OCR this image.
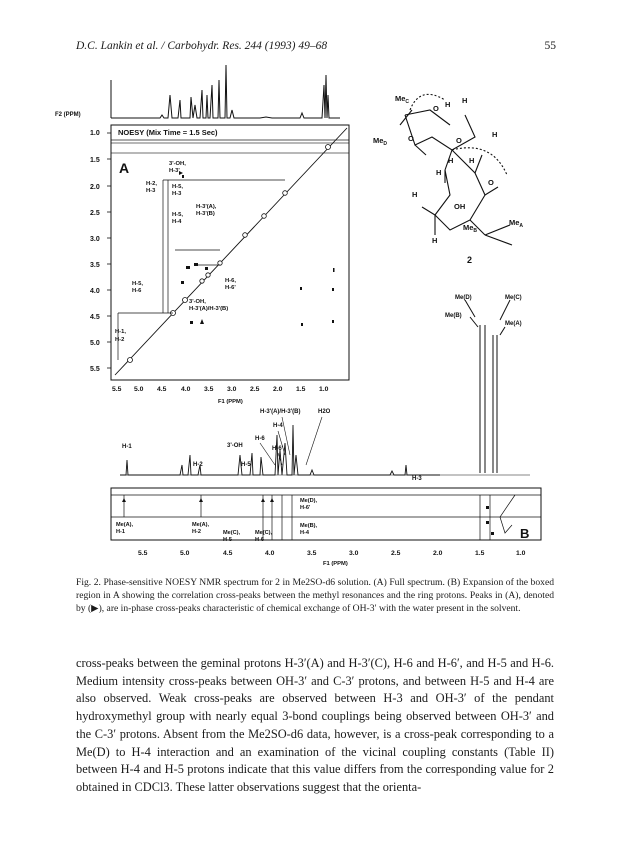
D.C. Lankin et al. / Carbohydr. Res. 244 (1993) 49–68	55
F2 (PPM)
NOESY (Mix Time = 1.5 Sec)
A
1.0
1.5
2.0
2.5
3.0
3.5
4.0
4.5
5.0
5.5
3'-OH,
H-3'
H-2,
H-3
H-5,
H-3
H-3'(A),
H-3'(B)
H-5,
H-4
H-5,
H-6
H-6,
H-6'
3'-OH,
H-3'(A)/H-3'(B)
H-1,
H-2
5.5 5.0 4.5 4.0 3.5 3.0 2.5 2.0 1.5 1.0
F1 (PPM)
$Me_C$
O H H
$Me_D$
O	O
H
H H
H
H
OH
O
$Me_B$
$Me_A$
H
2
Me(D)	Me(C)
Me(B)
Me(A)
H-3'(A)/H-3'(B)	H2O
H-4
H-6
H-6'
3'-OH
H-1
H-2	H-5
H-3
B
Me(A),
H-1
Me(A),
H-2	Me(C),
H-5
Me(C),
H-6
Me(D),
H-6'
Me(B),
H-4
5.5	5.0	4.5	4.0	3.5	3.0	2.5	2.0	1.5	1.0
F1 (PPM)
Fig. 2. Phase-sensitive NOESY NMR spectrum for 2 in Me2SO-d6 solution. (A) Full spectrum. (B) Expansion of the boxed region in A showing the correlation cross-peaks between the methyl resonances and the ring protons. Peaks in (A), denoted by (▶), are in-phase cross-peaks characteristic of chemical exchange of OH-3′ with the water present in the solvent.

cross-peaks between the geminal protons H-3′(A) and H-3′(C), H-6 and H-6′, and H-5 and H-6. Medium intensity cross-peaks between OH-3′ and C-3′ protons, and between H-5 and H-4 are also observed. Weak cross-peaks are observed between H-3 and OH-3′ of the pendant hydroxymethyl group with nearly equal 3-bond couplings being observed between OH-3′ and the C-3′ protons. Absent from the Me2SO-d6 data, however, is a cross-peak corresponding to a Me(D) to H-4 interaction and an examination of the vicinal coupling constants (Table II) between H-4 and H-5 protons indicate that this value differs from the corresponding value for 2 obtained in CDCl3. These latter observations suggest that the orienta-
